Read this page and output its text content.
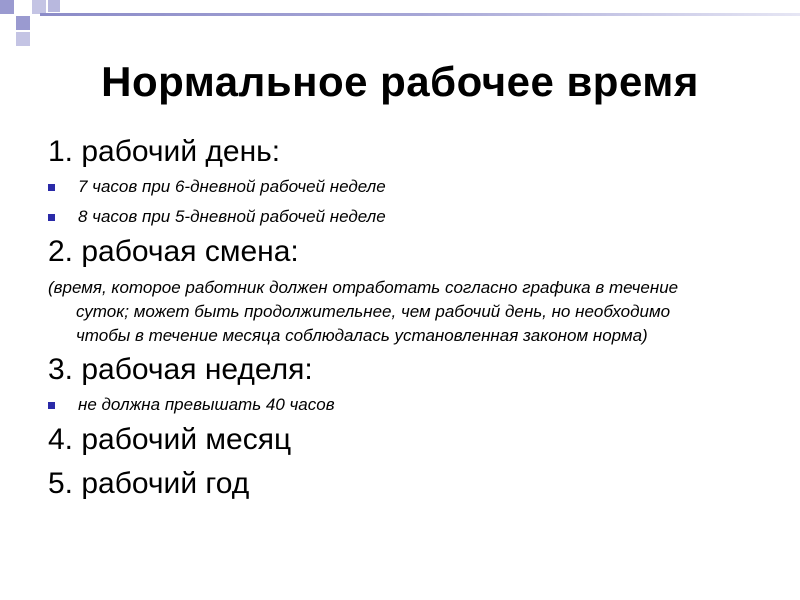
Нормальное рабочее время
1. рабочий день:
7 часов при 6-дневной рабочей неделе
8 часов при 5-дневной рабочей неделе
2. рабочая смена:
(время, которое работник должен отработать согласно графика в течение суток; может быть продолжительнее, чем рабочий день, но необходимо чтобы в течение месяца соблюдалась установленная законом норма)
3. рабочая неделя:
не должна превышать 40 часов
4. рабочий месяц
5. рабочий год
